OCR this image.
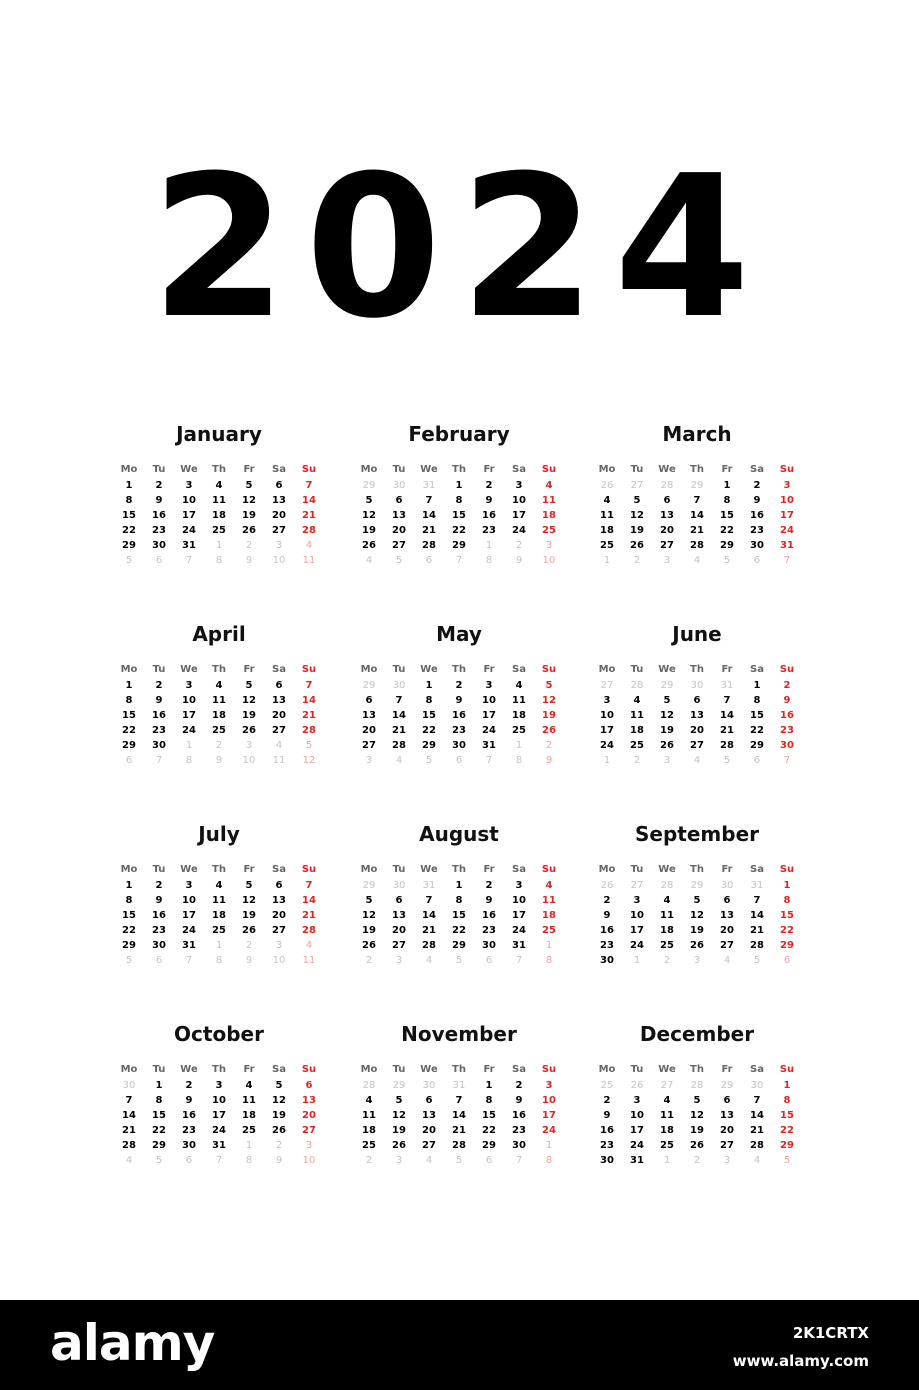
2024
January
Mo	Tu	We	Th	Fr	Sa	Su
1	2	3	4	5	6	7
8	9	10	11	12	13	14
15	16	17	18	19	20	21
22	23	24	25	26	27	28
29	30	31	1	2	3	4
5	6	7	8	9	10	11
February
Mo	Tu	We	Th	Fr	Sa	Su
29	30	31	1	2	3	4
5	6	7	8	9	10	11
12	13	14	15	16	17	18
19	20	21	22	23	24	25
26	27	28	29	1	2	3
4	5	6	7	8	9	10
March
Mo	Tu	We	Th	Fr	Sa	Su
26	27	28	29	1	2	3
4	5	6	7	8	9	10
11	12	13	14	15	16	17
18	19	20	21	22	23	24
25	26	27	28	29	30	31
1	2	3	4	5	6	7
April
Mo	Tu	We	Th	Fr	Sa	Su
1	2	3	4	5	6	7
8	9	10	11	12	13	14
15	16	17	18	19	20	21
22	23	24	25	26	27	28
29	30	1	2	3	4	5
6	7	8	9	10	11	12
May
Mo	Tu	We	Th	Fr	Sa	Su
29	30	1	2	3	4	5
6	7	8	9	10	11	12
13	14	15	16	17	18	19
20	21	22	23	24	25	26
27	28	29	30	31	1	2
3	4	5	6	7	8	9
June
Mo	Tu	We	Th	Fr	Sa	Su
27	28	29	30	31	1	2
3	4	5	6	7	8	9
10	11	12	13	14	15	16
17	18	19	20	21	22	23
24	25	26	27	28	29	30
1	2	3	4	5	6	7
July
Mo	Tu	We	Th	Fr	Sa	Su
1	2	3	4	5	6	7
8	9	10	11	12	13	14
15	16	17	18	19	20	21
22	23	24	25	26	27	28
29	30	31	1	2	3	4
5	6	7	8	9	10	11
August
Mo	Tu	We	Th	Fr	Sa	Su
29	30	31	1	2	3	4
5	6	7	8	9	10	11
12	13	14	15	16	17	18
19	20	21	22	23	24	25
26	27	28	29	30	31	1
2	3	4	5	6	7	8
September
Mo	Tu	We	Th	Fr	Sa	Su
26	27	28	29	30	31	1
2	3	4	5	6	7	8
9	10	11	12	13	14	15
16	17	18	19	20	21	22
23	24	25	26	27	28	29
30	1	2	3	4	5	6
October
Mo	Tu	We	Th	Fr	Sa	Su
30	1	2	3	4	5	6
7	8	9	10	11	12	13
14	15	16	17	18	19	20
21	22	23	24	25	26	27
28	29	30	31	1	2	3
4	5	6	7	8	9	10
November
Mo	Tu	We	Th	Fr	Sa	Su
28	29	30	31	1	2	3
4	5	6	7	8	9	10
11	12	13	14	15	16	17
18	19	20	21	22	23	24
25	26	27	28	29	30	1
2	3	4	5	6	7	8
December
Mo	Tu	We	Th	Fr	Sa	Su
25	26	27	28	29	30	1
2	3	4	5	6	7	8
9	10	11	12	13	14	15
16	17	18	19	20	21	22
23	24	25	26	27	28	29
30	31	1	2	3	4	5
alamy	2K1CRTX
www.alamy.com
